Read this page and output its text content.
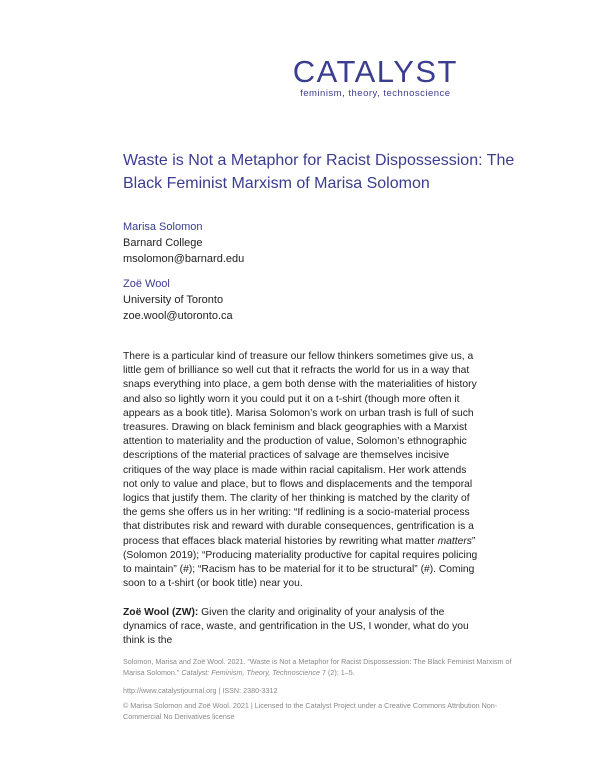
CATALYST
feminism, theory, technoscience
Waste is Not a Metaphor for Racist Dispossession: The Black Feminist Marxism of Marisa Solomon
Marisa Solomon
Barnard College
msolomon@barnard.edu
Zoë Wool
University of Toronto
zoe.wool@utoronto.ca

There is a particular kind of treasure our fellow thinkers sometimes give us, a little gem of brilliance so well cut that it refracts the world for us in a way that snaps everything into place, a gem both dense with the materialities of history and also so lightly worn it you could put it on a t-shirt (though more often it appears as a book title). Marisa Solomon’s work on urban trash is full of such treasures. Drawing on black feminism and black geographies with a Marxist attention to materiality and the production of value, Solomon’s ethnographic descriptions of the material practices of salvage are themselves incisive critiques of the way place is made within racial capitalism. Her work attends not only to value and place, but to flows and displacements and the temporal logics that justify them. The clarity of her thinking is matched by the clarity of the gems she offers us in her writing: “If redlining is a socio-material process that distributes risk and reward with durable consequences, gentrification is a process that effaces black material histories by rewriting what matter matters” (Solomon 2019); “Producing materiality productive for capital requires policing to maintain” (#); “Racism has to be material for it to be structural” (#). Coming soon to a t-shirt (or book title) near you.

Zoë Wool (ZW): Given the clarity and originality of your analysis of the dynamics of race, waste, and gentrification in the US, I wonder, what do you think is the
Solomon, Marisa and Zoë Wool. 2021. “Waste is Not a Metaphor for Racist Dispossession: The Black Feminist Marxism of Marisa Solomon.” Catalyst: Feminism, Theory, Technoscience 7 (2): 1–5.
http://www.catalystjournal.org | ISSN: 2380-3312
© Marisa Solomon and Zoë Wool. 2021 | Licensed to the Catalyst Project under a Creative Commons Attribution Non-Commercial No Derivatives license
